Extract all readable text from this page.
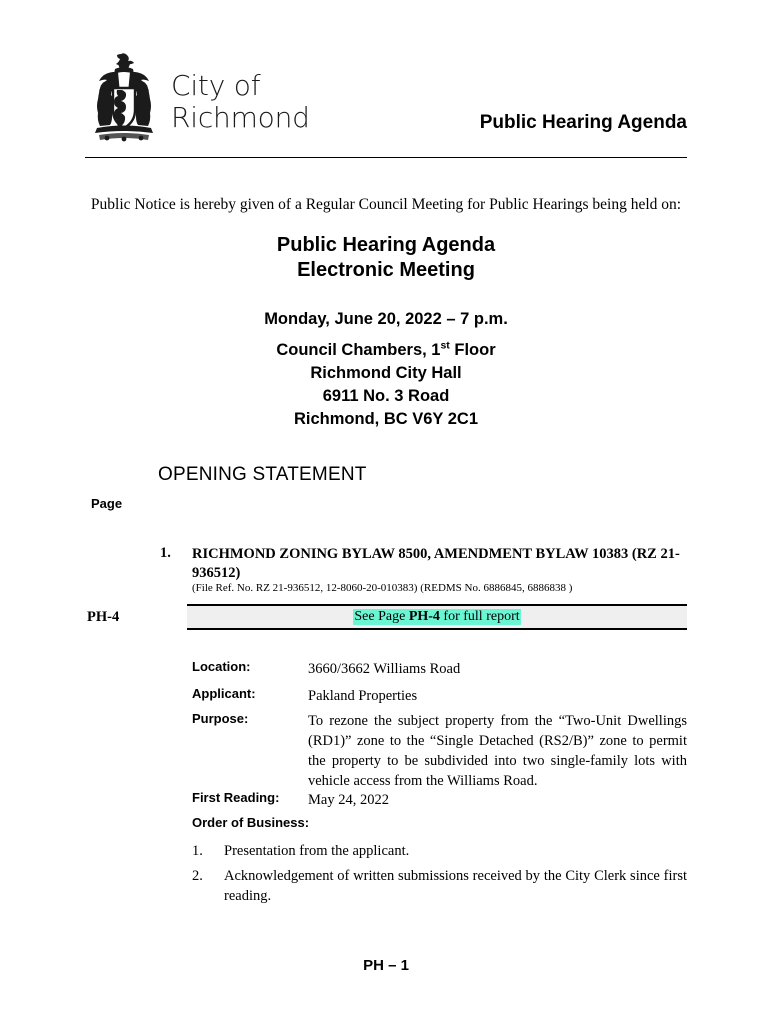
City of
Richmond	Public Hearing Agenda
Public Notice is hereby given of a Regular Council Meeting for Public Hearings being held on:
Public Hearing Agenda
Electronic Meeting
Monday, June 20, 2022 – 7 p.m.
Council Chambers, 1st Floor
Richmond City Hall
6911 No. 3 Road
Richmond, BC V6Y 2C1
OPENING STATEMENT
Page
1. RICHMOND ZONING BYLAW 8500, AMENDMENT BYLAW 10383 (RZ 21-936512)
(File Ref. No. RZ 21-936512, 12-8060-20-010383) (REDMS No. 6886845, 6886838 )
PH-4	See Page PH-4 for full report
Location:	3660/3662 Williams Road
Applicant:	Pakland Properties
Purpose:	To rezone the subject property from the “Two-Unit Dwellings (RD1)” zone to the “Single Detached (RS2/B)” zone to permit the property to be subdivided into two single-family lots with vehicle access from the Williams Road.
First Reading:	May 24, 2022
Order of Business:
1.	Presentation from the applicant.
2.	Acknowledgement of written submissions received by the City Clerk since first reading.
PH – 1
